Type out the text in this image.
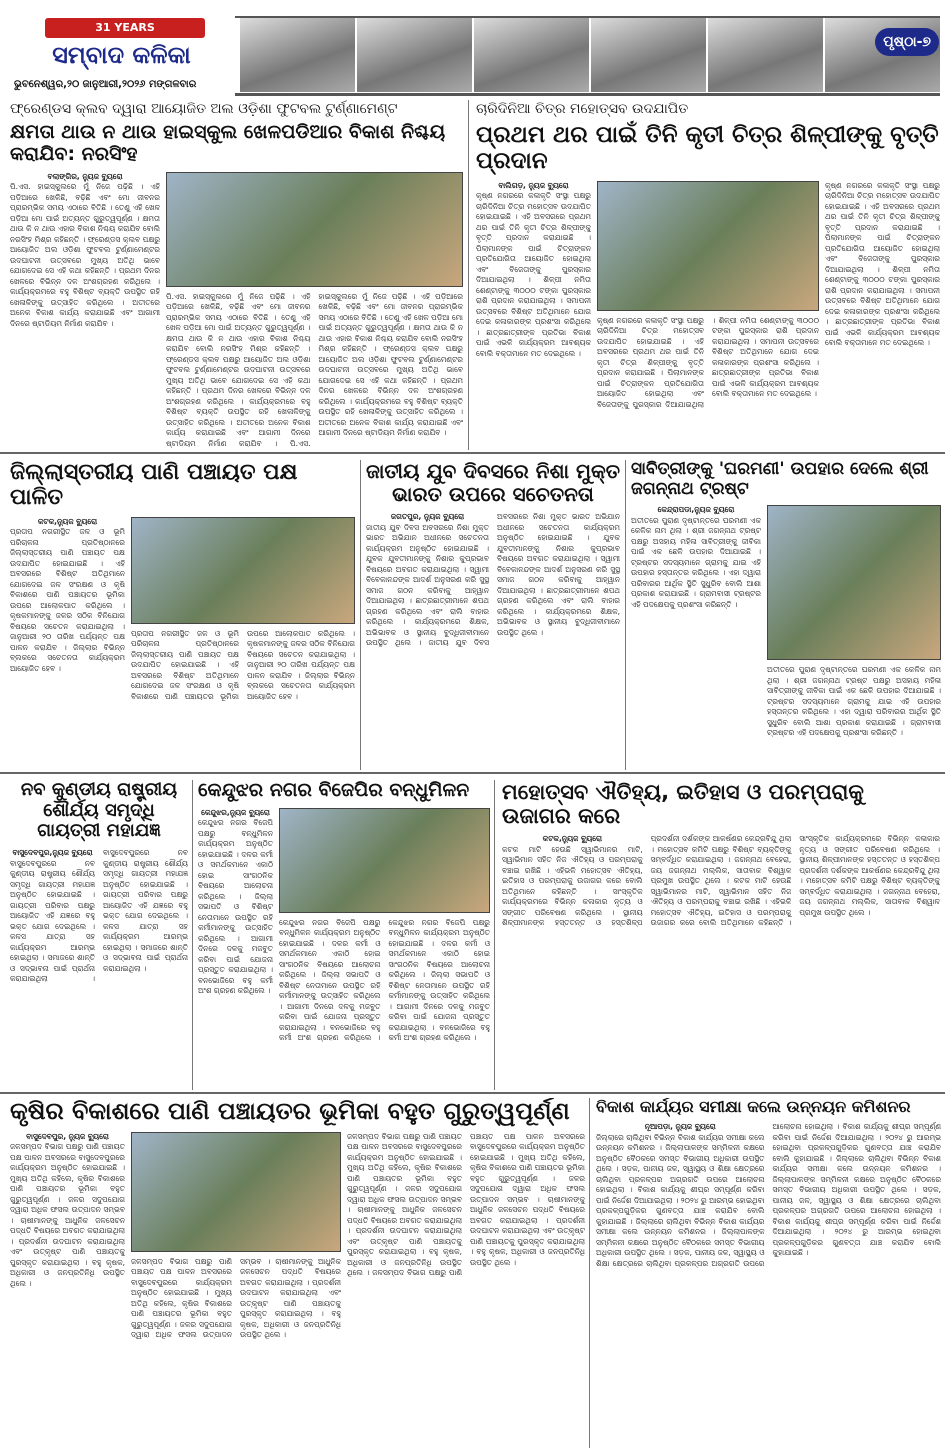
31 YEARS
ସମ୍ବାଦ କଳିକା
ଭୁବନେଶ୍ୱର,୨୦ ଜାନୁଆରୀ,୨୦୨୬ ମଙ୍ଗଳବାର
ପୃଷ୍ଠା-୭
ଫ୍ରେଣ୍ଡସ କ୍ଲବ ଦ୍ୱାରା ଆୟୋଜିତ ଅଲ ଓଡ଼ିଶା ଫୁଟବଲ ଟୁର୍ଣ୍ଣାମେଣ୍ଟ
କ୍ଷମତା ଥାଉ ନ ଥାଉ ହାଇସ୍କୁଲ ଖେଳପଡିଆର ବିକାଶ ନିଶ୍ଚୟ କରାଯିବ: ନରସିଂହ
ବଲାଙ୍ଗିର, ନ୍ୟୁଜ ବ୍ୟୁରୋ
ପି.ଏସ. ହାଇସ୍କୁଲରେ ମୁଁ ନିଜେ ପଢ଼ିଛି । ଏହି ପଡ଼ିଆରେ ଖେଳିଛି, ବଢ଼ିଛି ଏବଂ ମୋ ଜୀବନର ପ୍ରାରମ୍ଭିକ ସମୟ ଏଠାରେ ବିତିଛି । ତେଣୁ ଏହି ଖେଳ ପଡ଼ିଆ ମୋ ପାଇଁ ଅତ୍ୟନ୍ତ ଗୁରୁତ୍ୱପୂର୍ଣ୍ଣ । କ୍ଷମତା ଥାଉ କି ନ ଥାଉ ଏହାର ବିକାଶ ନିଶ୍ଚୟ କରାଯିବ ବୋଲି ନରସିଂହ ମିଶ୍ର କହିଛନ୍ତି । ଫ୍ରେଣ୍ଡସ କ୍ଲବ ପକ୍ଷରୁ ଆୟୋଜିତ ଅଲ ଓଡ଼ିଶା ଫୁଟବଲ ଟୁର୍ଣ୍ଣାମେଣ୍ଟର ଉଦଘାଟନୀ ଉତ୍ସବରେ ମୁଖ୍ୟ ଅତିଥି ଭାବେ ଯୋଗଦେଇ ସେ ଏହି କଥା କହିଛନ୍ତି । ପ୍ରଥମ ଦିନର ଖେଳରେ ବିଭିନ୍ନ ଦଳ ଅଂଶଗ୍ରହଣ କରିଥିଲେ । କାର୍ଯ୍ୟକ୍ରମରେ ବହୁ ବିଶିଷ୍ଟ ବ୍ୟକ୍ତି ଉପସ୍ଥିତ ରହି ଖେଳାଳିଙ୍କୁ ଉତ୍ସାହିତ କରିଥିଲେ । ଅତୀତରେ ଅନେକ ବିକାଶ କାର୍ଯ୍ୟ କରାଯାଇଛି ଏବଂ ଆଗାମୀ ଦିନରେ ଷ୍ଟାଡିୟମ ନିର୍ମାଣ କରାଯିବ ।
ପି.ଏସ. ହାଇସ୍କୁଲରେ ମୁଁ ନିଜେ ପଢ଼ିଛି । ଏହି ପଡ଼ିଆରେ ଖେଳିଛି, ବଢ଼ିଛି ଏବଂ ମୋ ଜୀବନର ପ୍ରାରମ୍ଭିକ ସମୟ ଏଠାରେ ବିତିଛି । ତେଣୁ ଏହି ଖେଳ ପଡ଼ିଆ ମୋ ପାଇଁ ଅତ୍ୟନ୍ତ ଗୁରୁତ୍ୱପୂର୍ଣ୍ଣ । କ୍ଷମତା ଥାଉ କି ନ ଥାଉ ଏହାର ବିକାଶ ନିଶ୍ଚୟ କରାଯିବ ବୋଲି ନରସିଂହ ମିଶ୍ର କହିଛନ୍ତି । ଫ୍ରେଣ୍ଡସ କ୍ଲବ ପକ୍ଷରୁ ଆୟୋଜିତ ଅଲ ଓଡ଼ିଶା ଫୁଟବଲ ଟୁର୍ଣ୍ଣାମେଣ୍ଟର ଉଦଘାଟନୀ ଉତ୍ସବରେ ମୁଖ୍ୟ ଅତିଥି ଭାବେ ଯୋଗଦେଇ ସେ ଏହି କଥା କହିଛନ୍ତି । ପ୍ରଥମ ଦିନର ଖେଳରେ ବିଭିନ୍ନ ଦଳ ଅଂଶଗ୍ରହଣ କରିଥିଲେ । କାର୍ଯ୍ୟକ୍ରମରେ ବହୁ ବିଶିଷ୍ଟ ବ୍ୟକ୍ତି ଉପସ୍ଥିତ ରହି ଖେଳାଳିଙ୍କୁ ଉତ୍ସାହିତ କରିଥିଲେ । ଅତୀତରେ ଅନେକ ବିକାଶ କାର୍ଯ୍ୟ କରାଯାଇଛି ଏବଂ ଆଗାମୀ ଦିନରେ ଷ୍ଟାଡିୟମ ନିର୍ମାଣ କରାଯିବ । ପି.ଏସ. ହାଇସ୍କୁଲରେ ମୁଁ ନିଜେ ପଢ଼ିଛି । ଏହି ପଡ଼ିଆରେ ଖେଳିଛି, ବଢ଼ିଛି ଏବଂ ମୋ ଜୀବନର ପ୍ରାରମ୍ଭିକ ସମୟ ଏଠାରେ ବିତିଛି । ତେଣୁ ଏହି ଖେଳ ପଡ଼ିଆ ମୋ ପାଇଁ ଅତ୍ୟନ୍ତ ଗୁରୁତ୍ୱପୂର୍ଣ୍ଣ । କ୍ଷମତା ଥାଉ କି ନ ଥାଉ ଏହାର ବିକାଶ ନିଶ୍ଚୟ କରାଯିବ ବୋଲି ନରସିଂହ ମିଶ୍ର କହିଛନ୍ତି । ଫ୍ରେଣ୍ଡସ କ୍ଲବ ପକ୍ଷରୁ ଆୟୋଜିତ ଅଲ ଓଡ଼ିଶା ଫୁଟବଲ ଟୁର୍ଣ୍ଣାମେଣ୍ଟର ଉଦଘାଟନୀ ଉତ୍ସବରେ ମୁଖ୍ୟ ଅତିଥି ଭାବେ ଯୋଗଦେଇ ସେ ଏହି କଥା କହିଛନ୍ତି । ପ୍ରଥମ ଦିନର ଖେଳରେ ବିଭିନ୍ନ ଦଳ ଅଂଶଗ୍ରହଣ କରିଥିଲେ । କାର୍ଯ୍ୟକ୍ରମରେ ବହୁ ବିଶିଷ୍ଟ ବ୍ୟକ୍ତି ଉପସ୍ଥିତ ରହି ଖେଳାଳିଙ୍କୁ ଉତ୍ସାହିତ କରିଥିଲେ । ଅତୀତରେ ଅନେକ ବିକାଶ କାର୍ଯ୍ୟ କରାଯାଇଛି ଏବଂ ଆଗାମୀ ଦିନରେ ଷ୍ଟାଡିୟମ ନିର୍ମାଣ କରାଯିବ ।
ଚାରିଦିନିଆ ଚିତ୍ର ମହୋତ୍ସବ ଉଦଯାପିତ
ପ୍ରଥମ ଥର ପାଇଁ ତିନି କୃତୀ ଚିତ୍ର ଶିଳ୍ପୀଙ୍କୁ ବୃତ୍ତି ପ୍ରଦାନ
ବାଲିଗଡ଼, ନ୍ୟୁଜ ବ୍ୟୁରୋ
କୃଷ୍ଣ ନଗରରେ କଳାକୃତି ସଂସ୍ଥା ପକ୍ଷରୁ ଚାରିଦିନିଆ ଚିତ୍ର ମହୋତ୍ସବ ଉଦଯାପିତ ହୋଇଯାଇଛି । ଏହି ଅବସରରେ ପ୍ରଥମ ଥର ପାଇଁ ତିନି କୃତୀ ଚିତ୍ର ଶିଳ୍ପୀଙ୍କୁ ବୃତ୍ତି ପ୍ରଦାନ କରାଯାଇଛି । ପିଲାମାନଙ୍କ ପାଇଁ ଚିତ୍ରାଙ୍କନ ପ୍ରତିଯୋଗିତା ଆୟୋଜିତ ହୋଇଥିଲା ଏବଂ ବିଜେତାଙ୍କୁ ପୁରସ୍କାର ଦିଆଯାଇଥିଲା । ଶିଳ୍ପୀ ନମିତା ଶେଣ୍ଟାଙ୍କୁ ୩୦୦୦ ଟଙ୍କା ପୁରସ୍କାର ରାଶି ପ୍ରଦାନ କରାଯାଇଥିଲା । ସମାପନୀ ଉତ୍ସବରେ ବିଶିଷ୍ଟ ଅତିଥିମାନେ ଯୋଗ ଦେଇ କଳାକାରଙ୍କ ପ୍ରଶଂସା କରିଥିଲେ । ଛାତ୍ରଛାତ୍ରୀଙ୍କ ପ୍ରତିଭା ବିକାଶ ପାଇଁ ଏଭଳି କାର୍ଯ୍ୟକ୍ରମ ଆବଶ୍ୟକ ବୋଲି ବକ୍ତାମାନେ ମତ ଦେଇଥିଲେ ।
କୃଷ୍ଣ ନଗରରେ କଳାକୃତି ସଂସ୍ଥା ପକ୍ଷରୁ ଚାରିଦିନିଆ ଚିତ୍ର ମହୋତ୍ସବ ଉଦଯାପିତ ହୋଇଯାଇଛି । ଏହି ଅବସରରେ ପ୍ରଥମ ଥର ପାଇଁ ତିନି କୃତୀ ଚିତ୍ର ଶିଳ୍ପୀଙ୍କୁ ବୃତ୍ତି ପ୍ରଦାନ କରାଯାଇଛି । ପିଲାମାନଙ୍କ ପାଇଁ ଚିତ୍ରାଙ୍କନ ପ୍ରତିଯୋଗିତା ଆୟୋଜିତ ହୋଇଥିଲା ଏବଂ ବିଜେତାଙ୍କୁ ପୁରସ୍କାର ଦିଆଯାଇଥିଲା । ଶିଳ୍ପୀ ନମିତା ଶେଣ୍ଟାଙ୍କୁ ୩୦୦୦ ଟଙ୍କା ପୁରସ୍କାର ରାଶି ପ୍ରଦାନ କରାଯାଇଥିଲା । ସମାପନୀ ଉତ୍ସବରେ ବିଶିଷ୍ଟ ଅତିଥିମାନେ ଯୋଗ ଦେଇ କଳାକାରଙ୍କ ପ୍ରଶଂସା କରିଥିଲେ । ଛାତ୍ରଛାତ୍ରୀଙ୍କ ପ୍ରତିଭା ବିକାଶ ପାଇଁ ଏଭଳି କାର୍ଯ୍ୟକ୍ରମ ଆବଶ୍ୟକ ବୋଲି ବକ୍ତାମାନେ ମତ ଦେଇଥିଲେ ।
କୃଷ୍ଣ ନଗରରେ କଳାକୃତି ସଂସ୍ଥା ପକ୍ଷରୁ ଚାରିଦିନିଆ ଚିତ୍ର ମହୋତ୍ସବ ଉଦଯାପିତ ହୋଇଯାଇଛି । ଏହି ଅବସରରେ ପ୍ରଥମ ଥର ପାଇଁ ତିନି କୃତୀ ଚିତ୍ର ଶିଳ୍ପୀଙ୍କୁ ବୃତ୍ତି ପ୍ରଦାନ କରାଯାଇଛି । ପିଲାମାନଙ୍କ ପାଇଁ ଚିତ୍ରାଙ୍କନ ପ୍ରତିଯୋଗିତା ଆୟୋଜିତ ହୋଇଥିଲା ଏବଂ ବିଜେତାଙ୍କୁ ପୁରସ୍କାର ଦିଆଯାଇଥିଲା । ଶିଳ୍ପୀ ନମିତା ଶେଣ୍ଟାଙ୍କୁ ୩୦୦୦ ଟଙ୍କା ପୁରସ୍କାର ରାଶି ପ୍ରଦାନ କରାଯାଇଥିଲା । ସମାପନୀ ଉତ୍ସବରେ ବିଶିଷ୍ଟ ଅତିଥିମାନେ ଯୋଗ ଦେଇ କଳାକାରଙ୍କ ପ୍ରଶଂସା କରିଥିଲେ । ଛାତ୍ରଛାତ୍ରୀଙ୍କ ପ୍ରତିଭା ବିକାଶ ପାଇଁ ଏଭଳି କାର୍ଯ୍ୟକ୍ରମ ଆବଶ୍ୟକ ବୋଲି ବକ୍ତାମାନେ ମତ ଦେଇଥିଲେ ।
ଜିଲ୍ଲାସ୍ତରୀୟ ପାଣି ପଞ୍ଚାୟତ ପକ୍ଷ ପାଳିତ
କଟକ,ନ୍ୟୁଜ ବ୍ୟୁରୋ
ପ୍ରତାପ ନଗରୀସ୍ଥିତ ଜଳ ଓ ଭୂମି ପରିଚାଳନା ପ୍ରତିଷ୍ଠାନରେ ଜିଲ୍ଲାସ୍ତରୀୟ ପାଣି ପଞ୍ଚାୟତ ପକ୍ଷ ଉଦଯାପିତ ହୋଇଯାଇଛି । ଏହି ଅବସରରେ ବିଶିଷ୍ଟ ଅତିଥିମାନେ ଯୋଗଦେଇ ଜଳ ସଂରକ୍ଷଣ ଓ କୃଷି ବିକାଶରେ ପାଣି ପଞ୍ଚାୟତର ଭୂମିକା ଉପରେ ଆଲୋକପାତ କରିଥିଲେ । କୃଷକମାନଙ୍କୁ ଜଳର ସଠିକ ବିନିଯୋଗ ବିଷୟରେ ସଚେତନ କରାଯାଇଥିଲା । ଜାନୁଆରୀ ୨୦ ତାରିଖ ପର୍ଯ୍ୟନ୍ତ ପକ୍ଷ ପାଳନ କରାଯିବ । ଜିଲ୍ଲାର ବିଭିନ୍ନ ବ୍ଲକରେ ସଚେତନତା କାର୍ଯ୍ୟକ୍ରମ ଆୟୋଜିତ ହେବ ।
ପ୍ରତାପ ନଗରୀସ୍ଥିତ ଜଳ ଓ ଭୂମି ପରିଚାଳନା ପ୍ରତିଷ୍ଠାନରେ ଜିଲ୍ଲାସ୍ତରୀୟ ପାଣି ପଞ୍ଚାୟତ ପକ୍ଷ ଉଦଯାପିତ ହୋଇଯାଇଛି । ଏହି ଅବସରରେ ବିଶିଷ୍ଟ ଅତିଥିମାନେ ଯୋଗଦେଇ ଜଳ ସଂରକ୍ଷଣ ଓ କୃଷି ବିକାଶରେ ପାଣି ପଞ୍ଚାୟତର ଭୂମିକା ଉପରେ ଆଲୋକପାତ କରିଥିଲେ । କୃଷକମାନଙ୍କୁ ଜଳର ସଠିକ ବିନିଯୋଗ ବିଷୟରେ ସଚେତନ କରାଯାଇଥିଲା । ଜାନୁଆରୀ ୨୦ ତାରିଖ ପର୍ଯ୍ୟନ୍ତ ପକ୍ଷ ପାଳନ କରାଯିବ । ଜିଲ୍ଲାର ବିଭିନ୍ନ ବ୍ଲକରେ ସଚେତନତା କାର୍ଯ୍ୟକ୍ରମ ଆୟୋଜିତ ହେବ ।
ଜାତୀୟ ଯୁବ ଦିବସରେ ନିଶା ମୁକ୍ତ ଭାରତ ଉପରେ ସଚେତନତା
ଜଗତପୁର, ନ୍ୟୁଜ ବ୍ୟୁରୋ
ଜାତୀୟ ଯୁବ ଦିବସ ଅବସରରେ ନିଶା ମୁକ୍ତ ଭାରତ ଅଭିଯାନ ଅଧୀନରେ ସଚେତନତା କାର୍ଯ୍ୟକ୍ରମ ଅନୁଷ୍ଠିତ ହୋଇଯାଇଛି । ଯୁବକ ଯୁବତୀମାନଙ୍କୁ ନିଶାର କୁପ୍ରଭାବ ବିଷୟରେ ଅବଗତ କରାଯାଇଥିଲା । ସ୍ୱାମୀ ବିବେକାନନ୍ଦଙ୍କ ଆଦର୍ଶ ଅନୁସରଣ କରି ସୁସ୍ଥ ସମାଜ ଗଠନ କରିବାକୁ ଆହ୍ୱାନ ଦିଆଯାଇଥିଲା । ଛାତ୍ରଛାତ୍ରୀମାନେ ଶପଥ ଗ୍ରହଣ କରିଥିଲେ ଏବଂ ରାଲି ବାହାର କରିଥିଲେ । କାର୍ଯ୍ୟକ୍ରମରେ ଶିକ୍ଷକ, ଅଭିଭାବକ ଓ ସ୍ଥାନୀୟ ବୁଦ୍ଧିଜୀବୀମାନେ ଉପସ୍ଥିତ ଥିଲେ । ଜାତୀୟ ଯୁବ ଦିବସ ଅବସରରେ ନିଶା ମୁକ୍ତ ଭାରତ ଅଭିଯାନ ଅଧୀନରେ ସଚେତନତା କାର୍ଯ୍ୟକ୍ରମ ଅନୁଷ୍ଠିତ ହୋଇଯାଇଛି । ଯୁବକ ଯୁବତୀମାନଙ୍କୁ ନିଶାର କୁପ୍ରଭାବ ବିଷୟରେ ଅବଗତ କରାଯାଇଥିଲା । ସ୍ୱାମୀ ବିବେକାନନ୍ଦଙ୍କ ଆଦର୍ଶ ଅନୁସରଣ କରି ସୁସ୍ଥ ସମାଜ ଗଠନ କରିବାକୁ ଆହ୍ୱାନ ଦିଆଯାଇଥିଲା । ଛାତ୍ରଛାତ୍ରୀମାନେ ଶପଥ ଗ୍ରହଣ କରିଥିଲେ ଏବଂ ରାଲି ବାହାର କରିଥିଲେ । କାର୍ଯ୍ୟକ୍ରମରେ ଶିକ୍ଷକ, ଅଭିଭାବକ ଓ ସ୍ଥାନୀୟ ବୁଦ୍ଧିଜୀବୀମାନେ ଉପସ୍ଥିତ ଥିଲେ ।
ସାବିତ୍ରୀଙ୍କୁ 'ଘରମଣୀ' ଉପହାର ଦେଲେ ଶ୍ରୀ ଜଗନ୍ନାଥ ଟ୍ରଷ୍ଟ
କେନ୍ଦ୍ରାପଡା,ନ୍ୟୁଜ ବ୍ୟୁରୋ
ଅତୀତରେ ପୁରାଣ ଦୃଷ୍ଟାନ୍ତରେ ଘରମଣୀ ଏକ କେଳିକ ନାମ ଥିଲା । ଶ୍ରୀ ଜଗନ୍ନାଥ ଟ୍ରଷ୍ଟ ପକ୍ଷରୁ ଅସହାୟ ମହିଳା ସାବିତ୍ରୀଙ୍କୁ ଜୀବିକା ପାଇଁ ଏକ ଛେଳି ଉପହାର ଦିଆଯାଇଛି । ଟ୍ରଷ୍ଟର ସଦସ୍ୟମାନେ ଗ୍ରାମକୁ ଯାଇ ଏହି ଉପହାର ହସ୍ତାନ୍ତର କରିଥିଲେ । ଏହା ଦ୍ୱାରା ପରିବାରର ଆର୍ଥିକ ସ୍ଥିତି ସୁଧୁରିବ ବୋଲି ଆଶା ପ୍ରକାଶ କରାଯାଇଛି । ଗ୍ରାମବାସୀ ଟ୍ରଷ୍ଟର ଏହି ପଦକ୍ଷେପକୁ ପ୍ରଶଂସା କରିଛନ୍ତି ।
ଅତୀତରେ ପୁରାଣ ଦୃଷ୍ଟାନ୍ତରେ ଘରମଣୀ ଏକ କେଳିକ ନାମ ଥିଲା । ଶ୍ରୀ ଜଗନ୍ନାଥ ଟ୍ରଷ୍ଟ ପକ୍ଷରୁ ଅସହାୟ ମହିଳା ସାବିତ୍ରୀଙ୍କୁ ଜୀବିକା ପାଇଁ ଏକ ଛେଳି ଉପହାର ଦିଆଯାଇଛି । ଟ୍ରଷ୍ଟର ସଦସ୍ୟମାନେ ଗ୍ରାମକୁ ଯାଇ ଏହି ଉପହାର ହସ୍ତାନ୍ତର କରିଥିଲେ । ଏହା ଦ୍ୱାରା ପରିବାରର ଆର୍ଥିକ ସ୍ଥିତି ସୁଧୁରିବ ବୋଲି ଆଶା ପ୍ରକାଶ କରାଯାଇଛି । ଗ୍ରାମବାସୀ ଟ୍ରଷ୍ଟର ଏହି ପଦକ୍ଷେପକୁ ପ୍ରଶଂସା କରିଛନ୍ତି ।
ନବ କୁଣ୍ଡୀୟ ରାଷ୍ଟ୍ରୀୟ ଶୌର୍ଯ୍ୟ ସମୃଦ୍ଧି ଗାୟତ୍ରୀ ମହାଯଜ୍ଞ
ବାସୁଦେବପୁର,ନ୍ୟୁଜ ବ୍ୟୁରୋ
ବାସୁଦେବପୁରରେ ନବ କୁଣ୍ଡୀୟ ରାଷ୍ଟ୍ରୀୟ ଶୌର୍ଯ୍ୟ ସମୃଦ୍ଧି ଗାୟତ୍ରୀ ମହାଯଜ୍ଞ ଅନୁଷ୍ଠିତ ହୋଇଯାଇଛି । ଗାୟତ୍ରୀ ପରିବାର ପକ୍ଷରୁ ଆୟୋଜିତ ଏହି ଯଜ୍ଞରେ ବହୁ ଭକ୍ତ ଯୋଗ ଦେଇଥିଲେ । କଳସ ଯାତ୍ରା ସହ କାର୍ଯ୍ୟକ୍ରମ ଆରମ୍ଭ ହୋଇଥିଲା । ସମାଜରେ ଶାନ୍ତି ଓ ସଦ୍ଭାବନା ପାଇଁ ପ୍ରାର୍ଥନା କରାଯାଇଥିଲା । ବାସୁଦେବପୁରରେ ନବ କୁଣ୍ଡୀୟ ରାଷ୍ଟ୍ରୀୟ ଶୌର୍ଯ୍ୟ ସମୃଦ୍ଧି ଗାୟତ୍ରୀ ମହାଯଜ୍ଞ ଅନୁଷ୍ଠିତ ହୋଇଯାଇଛି । ଗାୟତ୍ରୀ ପରିବାର ପକ୍ଷରୁ ଆୟୋଜିତ ଏହି ଯଜ୍ଞରେ ବହୁ ଭକ୍ତ ଯୋଗ ଦେଇଥିଲେ । କଳସ ଯାତ୍ରା ସହ କାର୍ଯ୍ୟକ୍ରମ ଆରମ୍ଭ ହୋଇଥିଲା । ସମାଜରେ ଶାନ୍ତି ଓ ସଦ୍ଭାବନା ପାଇଁ ପ୍ରାର୍ଥନା କରାଯାଇଥିଲା ।
କେନ୍ଦୁଝର ନଗର ବିଜେପିର ବନ୍ଧୁମିଳନ
କେନ୍ଦୁଝର,ନ୍ୟୁଜ ବ୍ୟୁରୋ
କେନ୍ଦୁଝର ନଗର ବିଜେପି ପକ୍ଷରୁ ବନ୍ଧୁମିଳନ କାର୍ଯ୍ୟକ୍ରମ ଅନୁଷ୍ଠିତ ହୋଇଯାଇଛି । ଦଳର କର୍ମୀ ଓ ସମର୍ଥକମାନେ ଏକାଠି ହୋଇ ସାଂଗଠନିକ ବିଷୟରେ ଆଲୋଚନା କରିଥିଲେ । ଜିଲ୍ଲା ସଭାପତି ଓ ବିଶିଷ୍ଟ ନେତାମାନେ ଉପସ୍ଥିତ ରହି କର୍ମୀମାନଙ୍କୁ ଉତ୍ସାହିତ କରିଥିଲେ । ଆଗାମୀ ଦିନରେ ଦଳକୁ ମଜବୁତ କରିବା ପାଇଁ ଯୋଜନା ପ୍ରସ୍ତୁତ କରାଯାଇଥିଲା । ବନଭୋଜିରେ ବହୁ କର୍ମୀ ଅଂଶ ଗ୍ରହଣ କରିଥିଲେ ।
କେନ୍ଦୁଝର ନଗର ବିଜେପି ପକ୍ଷରୁ ବନ୍ଧୁମିଳନ କାର୍ଯ୍ୟକ୍ରମ ଅନୁଷ୍ଠିତ ହୋଇଯାଇଛି । ଦଳର କର୍ମୀ ଓ ସମର୍ଥକମାନେ ଏକାଠି ହୋଇ ସାଂଗଠନିକ ବିଷୟରେ ଆଲୋଚନା କରିଥିଲେ । ଜିଲ୍ଲା ସଭାପତି ଓ ବିଶିଷ୍ଟ ନେତାମାନେ ଉପସ୍ଥିତ ରହି କର୍ମୀମାନଙ୍କୁ ଉତ୍ସାହିତ କରିଥିଲେ । ଆଗାମୀ ଦିନରେ ଦଳକୁ ମଜବୁତ କରିବା ପାଇଁ ଯୋଜନା ପ୍ରସ୍ତୁତ କରାଯାଇଥିଲା । ବନଭୋଜିରେ ବହୁ କର୍ମୀ ଅଂଶ ଗ୍ରହଣ କରିଥିଲେ । କେନ୍ଦୁଝର ନଗର ବିଜେପି ପକ୍ଷରୁ ବନ୍ଧୁମିଳନ କାର୍ଯ୍ୟକ୍ରମ ଅନୁଷ୍ଠିତ ହୋଇଯାଇଛି । ଦଳର କର୍ମୀ ଓ ସମର୍ଥକମାନେ ଏକାଠି ହୋଇ ସାଂଗଠନିକ ବିଷୟରେ ଆଲୋଚନା କରିଥିଲେ । ଜିଲ୍ଲା ସଭାପତି ଓ ବିଶିଷ୍ଟ ନେତାମାନେ ଉପସ୍ଥିତ ରହି କର୍ମୀମାନଙ୍କୁ ଉତ୍ସାହିତ କରିଥିଲେ । ଆଗାମୀ ଦିନରେ ଦଳକୁ ମଜବୁତ କରିବା ପାଇଁ ଯୋଜନା ପ୍ରସ୍ତୁତ କରାଯାଇଥିଲା । ବନଭୋଜିରେ ବହୁ କର୍ମୀ ଅଂଶ ଗ୍ରହଣ କରିଥିଲେ ।
ମହୋତ୍ସବ ଐତିହ୍ୟ, ଇତିହାସ ଓ ପରମ୍ପରାକୁ ଉଜାଗର କରେ
କଟକ,ନ୍ୟୁଜ ବ୍ୟୁରୋ
କଟକ ମାଟି ହେଉଛି ସ୍ୱାଭିମାନର ମାଟି, ସ୍ୱାଭିମାନ ସହିତ ନିଜ ଐତିହ୍ୟ ଓ ପରମ୍ପରାକୁ ବଞ୍ଚାଇ ରଖିଛି । ଏହିଭଳି ମହୋତ୍ସବ ଐତିହ୍ୟ, ଇତିହାସ ଓ ପରମ୍ପରାକୁ ଉଜାଗର କରେ ବୋଲି ଅତିଥିମାନେ କହିଛନ୍ତି । ସାଂସ୍କୃତିକ କାର୍ଯ୍ୟକ୍ରମରେ ବିଭିନ୍ନ କଳାକାର ନୃତ୍ୟ ଓ ସଙ୍ଗୀତ ପରିବେଷଣ କରିଥିଲେ । ସ୍ଥାନୀୟ ଶିଳ୍ପୀମାନଙ୍କ ହସ୍ତତନ୍ତ ଓ ହସ୍ତଶିଳ୍ପ ପ୍ରଦର୍ଶନୀ ଦର୍ଶକଙ୍କ ଆକର୍ଷଣର କେନ୍ଦ୍ରବିନ୍ଦୁ ଥିଲା । ମହୋତ୍ସବ କମିଟି ପକ୍ଷରୁ ବିଶିଷ୍ଟ ବ୍ୟକ୍ତିଙ୍କୁ ସମ୍ବର୍ଦ୍ଧିତ କରାଯାଇଥିଲା । ଜଗନ୍ନାଥ ବେହେରା, ଜୟ ଜଗନ୍ନାଥ ମଲ୍ଲିକ, ସାତାବାକ ବିଶ୍ୱାଳ ପ୍ରମୁଖ ଉପସ୍ଥିତ ଥିଲେ । କଟକ ମାଟି ହେଉଛି ସ୍ୱାଭିମାନର ମାଟି, ସ୍ୱାଭିମାନ ସହିତ ନିଜ ଐତିହ୍ୟ ଓ ପରମ୍ପରାକୁ ବଞ୍ଚାଇ ରଖିଛି । ଏହିଭଳି ମହୋତ୍ସବ ଐତିହ୍ୟ, ଇତିହାସ ଓ ପରମ୍ପରାକୁ ଉଜାଗର କରେ ବୋଲି ଅତିଥିମାନେ କହିଛନ୍ତି । ସାଂସ୍କୃତିକ କାର୍ଯ୍ୟକ୍ରମରେ ବିଭିନ୍ନ କଳାକାର ନୃତ୍ୟ ଓ ସଙ୍ଗୀତ ପରିବେଷଣ କରିଥିଲେ । ସ୍ଥାନୀୟ ଶିଳ୍ପୀମାନଙ୍କ ହସ୍ତତନ୍ତ ଓ ହସ୍ତଶିଳ୍ପ ପ୍ରଦର୍ଶନୀ ଦର୍ଶକଙ୍କ ଆକର୍ଷଣର କେନ୍ଦ୍ରବିନ୍ଦୁ ଥିଲା । ମହୋତ୍ସବ କମିଟି ପକ୍ଷରୁ ବିଶିଷ୍ଟ ବ୍ୟକ୍ତିଙ୍କୁ ସମ୍ବର୍ଦ୍ଧିତ କରାଯାଇଥିଲା । ଜଗନ୍ନାଥ ବେହେରା, ଜୟ ଜଗନ୍ନାଥ ମଲ୍ଲିକ, ସାତାବାକ ବିଶ୍ୱାଳ ପ୍ରମୁଖ ଉପସ୍ଥିତ ଥିଲେ ।
କୃଷିର ବିକାଶରେ ପାଣି ପଞ୍ଚାୟତର ଭୂମିକା ବହୁତ ଗୁରୁତ୍ୱପୂର୍ଣ୍ଣ
ବାସୁଦେବପୁର, ନ୍ୟୁଜ ବ୍ୟୁରୋ
ଜଳସମ୍ପଦ ବିଭାଗ ପକ୍ଷରୁ ପାଣି ପଞ୍ଚାୟତ ପକ୍ଷ ପାଳନ ଅବସରରେ ବାସୁଦେବପୁରରେ କାର୍ଯ୍ୟକ୍ରମ ଅନୁଷ୍ଠିତ ହୋଇଯାଇଛି । ମୁଖ୍ୟ ଅତିଥି କହିଲେ, କୃଷିର ବିକାଶରେ ପାଣି ପଞ୍ଚାୟତର ଭୂମିକା ବହୁତ ଗୁରୁତ୍ୱପୂର୍ଣ୍ଣ । ଜଳର ସଦୁପଯୋଗ ଦ୍ୱାରା ଅଧିକ ଫସଲ ଉତ୍ପାଦନ ସମ୍ଭବ । ଚାଷୀମାନଙ୍କୁ ଆଧୁନିକ ଜଳସେଚନ ପଦ୍ଧତି ବିଷୟରେ ଅବଗତ କରାଯାଇଥିଲା । ପ୍ରଦର୍ଶନୀ ଉଦଘାଟନ କରାଯାଇଥିଲା ଏବଂ ଉତ୍କୃଷ୍ଟ ପାଣି ପଞ୍ଚାୟତକୁ ପୁରସ୍କୃତ କରାଯାଇଥିଲା । ବହୁ କୃଷକ, ଅଧିକାରୀ ଓ ଜନପ୍ରତିନିଧି ଉପସ୍ଥିତ ଥିଲେ ।
ଜଳସମ୍ପଦ ବିଭାଗ ପକ୍ଷରୁ ପାଣି ପଞ୍ଚାୟତ ପକ୍ଷ ପାଳନ ଅବସରରେ ବାସୁଦେବପୁରରେ କାର୍ଯ୍ୟକ୍ରମ ଅନୁଷ୍ଠିତ ହୋଇଯାଇଛି । ମୁଖ୍ୟ ଅତିଥି କହିଲେ, କୃଷିର ବିକାଶରେ ପାଣି ପଞ୍ଚାୟତର ଭୂମିକା ବହୁତ ଗୁରୁତ୍ୱପୂର୍ଣ୍ଣ । ଜଳର ସଦୁପଯୋଗ ଦ୍ୱାରା ଅଧିକ ଫସଲ ଉତ୍ପାଦନ ସମ୍ଭବ । ଚାଷୀମାନଙ୍କୁ ଆଧୁନିକ ଜଳସେଚନ ପଦ୍ଧତି ବିଷୟରେ ଅବଗତ କରାଯାଇଥିଲା । ପ୍ରଦର୍ଶନୀ ଉଦଘାଟନ କରାଯାଇଥିଲା ଏବଂ ଉତ୍କୃଷ୍ଟ ପାଣି ପଞ୍ଚାୟତକୁ ପୁରସ୍କୃତ କରାଯାଇଥିଲା । ବହୁ କୃଷକ, ଅଧିକାରୀ ଓ ଜନପ୍ରତିନିଧି ଉପସ୍ଥିତ ଥିଲେ ।
ଜଳସମ୍ପଦ ବିଭାଗ ପକ୍ଷରୁ ପାଣି ପଞ୍ଚାୟତ ପକ୍ଷ ପାଳନ ଅବସରରେ ବାସୁଦେବପୁରରେ କାର୍ଯ୍ୟକ୍ରମ ଅନୁଷ୍ଠିତ ହୋଇଯାଇଛି । ମୁଖ୍ୟ ଅତିଥି କହିଲେ, କୃଷିର ବିକାଶରେ ପାଣି ପଞ୍ଚାୟତର ଭୂମିକା ବହୁତ ଗୁରୁତ୍ୱପୂର୍ଣ୍ଣ । ଜଳର ସଦୁପଯୋଗ ଦ୍ୱାରା ଅଧିକ ଫସଲ ଉତ୍ପାଦନ ସମ୍ଭବ । ଚାଷୀମାନଙ୍କୁ ଆଧୁନିକ ଜଳସେଚନ ପଦ୍ଧତି ବିଷୟରେ ଅବଗତ କରାଯାଇଥିଲା । ପ୍ରଦର୍ଶନୀ ଉଦଘାଟନ କରାଯାଇଥିଲା ଏବଂ ଉତ୍କୃଷ୍ଟ ପାଣି ପଞ୍ଚାୟତକୁ ପୁରସ୍କୃତ କରାଯାଇଥିଲା । ବହୁ କୃଷକ, ଅଧିକାରୀ ଓ ଜନପ୍ରତିନିଧି ଉପସ୍ଥିତ ଥିଲେ । ଜଳସମ୍ପଦ ବିଭାଗ ପକ୍ଷରୁ ପାଣି ପଞ୍ଚାୟତ ପକ୍ଷ ପାଳନ ଅବସରରେ ବାସୁଦେବପୁରରେ କାର୍ଯ୍ୟକ୍ରମ ଅନୁଷ୍ଠିତ ହୋଇଯାଇଛି । ମୁଖ୍ୟ ଅତିଥି କହିଲେ, କୃଷିର ବିକାଶରେ ପାଣି ପଞ୍ଚାୟତର ଭୂମିକା ବହୁତ ଗୁରୁତ୍ୱପୂର୍ଣ୍ଣ । ଜଳର ସଦୁପଯୋଗ ଦ୍ୱାରା ଅଧିକ ଫସଲ ଉତ୍ପାଦନ ସମ୍ଭବ । ଚାଷୀମାନଙ୍କୁ ଆଧୁନିକ ଜଳସେଚନ ପଦ୍ଧତି ବିଷୟରେ ଅବଗତ କରାଯାଇଥିଲା । ପ୍ରଦର୍ଶନୀ ଉଦଘାଟନ କରାଯାଇଥିଲା ଏବଂ ଉତ୍କୃଷ୍ଟ ପାଣି ପଞ୍ଚାୟତକୁ ପୁରସ୍କୃତ କରାଯାଇଥିଲା । ବହୁ କୃଷକ, ଅଧିକାରୀ ଓ ଜନପ୍ରତିନିଧି ଉପସ୍ଥିତ ଥିଲେ ।
ବିକାଶ କାର୍ଯ୍ୟର ସମୀକ୍ଷା କଲେ ଉନ୍ନୟନ କମିଶନର
ନୂଆପଡ଼ା, ନ୍ୟୁଜ ବ୍ୟୁରୋ
ଜିଲ୍ଲାରେ ଚାଲିଥିବା ବିଭିନ୍ନ ବିକାଶ କାର୍ଯ୍ୟର ସମୀକ୍ଷା କଲେ ଉନ୍ନୟନ କମିଶନର । ଜିଲ୍ଲାପାଳଙ୍କ ସମ୍ମିଳନୀ କକ୍ଷରେ ଅନୁଷ୍ଠିତ ବୈଠକରେ ସମସ୍ତ ବିଭାଗୀୟ ଅଧିକାରୀ ଉପସ୍ଥିତ ଥିଲେ । ସଡ଼କ, ପାନୀୟ ଜଳ, ସ୍ୱାସ୍ଥ୍ୟ ଓ ଶିକ୍ଷା କ୍ଷେତ୍ରରେ ଚାଲିଥିବା ପ୍ରକଳ୍ପର ଅଗ୍ରଗତି ଉପରେ ଆଲୋଚନା ହୋଇଥିଲା । ବିକାଶ କାର୍ଯ୍ୟକୁ ଶୀଘ୍ର ସମ୍ପୂର୍ଣ୍ଣ କରିବା ପାଇଁ ନିର୍ଦ୍ଦେଶ ଦିଆଯାଇଥିଲା । ୨୦୨୪ ରୁ ଆରମ୍ଭ ହୋଇଥିବା ପ୍ରକଳ୍ପଗୁଡ଼ିକର ଗୁଣବତ୍ତା ଯାଞ୍ଚ କରାଯିବ ବୋଲି କୁହାଯାଇଛି । ଜିଲ୍ଲାରେ ଚାଲିଥିବା ବିଭିନ୍ନ ବିକାଶ କାର୍ଯ୍ୟର ସମୀକ୍ଷା କଲେ ଉନ୍ନୟନ କମିଶନର । ଜିଲ୍ଲାପାଳଙ୍କ ସମ୍ମିଳନୀ କକ୍ଷରେ ଅନୁଷ୍ଠିତ ବୈଠକରେ ସମସ୍ତ ବିଭାଗୀୟ ଅଧିକାରୀ ଉପସ୍ଥିତ ଥିଲେ । ସଡ଼କ, ପାନୀୟ ଜଳ, ସ୍ୱାସ୍ଥ୍ୟ ଓ ଶିକ୍ଷା କ୍ଷେତ୍ରରେ ଚାଲିଥିବା ପ୍ରକଳ୍ପର ଅଗ୍ରଗତି ଉପରେ ଆଲୋଚନା ହୋଇଥିଲା । ବିକାଶ କାର୍ଯ୍ୟକୁ ଶୀଘ୍ର ସମ୍ପୂର୍ଣ୍ଣ କରିବା ପାଇଁ ନିର୍ଦ୍ଦେଶ ଦିଆଯାଇଥିଲା । ୨୦୨୪ ରୁ ଆରମ୍ଭ ହୋଇଥିବା ପ୍ରକଳ୍ପଗୁଡ଼ିକର ଗୁଣବତ୍ତା ଯାଞ୍ଚ କରାଯିବ ବୋଲି କୁହାଯାଇଛି । ଜିଲ୍ଲାରେ ଚାଲିଥିବା ବିଭିନ୍ନ ବିକାଶ କାର୍ଯ୍ୟର ସମୀକ୍ଷା କଲେ ଉନ୍ନୟନ କମିଶନର । ଜିଲ୍ଲାପାଳଙ୍କ ସମ୍ମିଳନୀ କକ୍ଷରେ ଅନୁଷ୍ଠିତ ବୈଠକରେ ସମସ୍ତ ବିଭାଗୀୟ ଅଧିକାରୀ ଉପସ୍ଥିତ ଥିଲେ । ସଡ଼କ, ପାନୀୟ ଜଳ, ସ୍ୱାସ୍ଥ୍ୟ ଓ ଶିକ୍ଷା କ୍ଷେତ୍ରରେ ଚାଲିଥିବା ପ୍ରକଳ୍ପର ଅଗ୍ରଗତି ଉପରେ ଆଲୋଚନା ହୋଇଥିଲା । ବିକାଶ କାର୍ଯ୍ୟକୁ ଶୀଘ୍ର ସମ୍ପୂର୍ଣ୍ଣ କରିବା ପାଇଁ ନିର୍ଦ୍ଦେଶ ଦିଆଯାଇଥିଲା । ୨୦୨୪ ରୁ ଆରମ୍ଭ ହୋଇଥିବା ପ୍ରକଳ୍ପଗୁଡ଼ିକର ଗୁଣବତ୍ତା ଯାଞ୍ଚ କରାଯିବ ବୋଲି କୁହାଯାଇଛି ।
